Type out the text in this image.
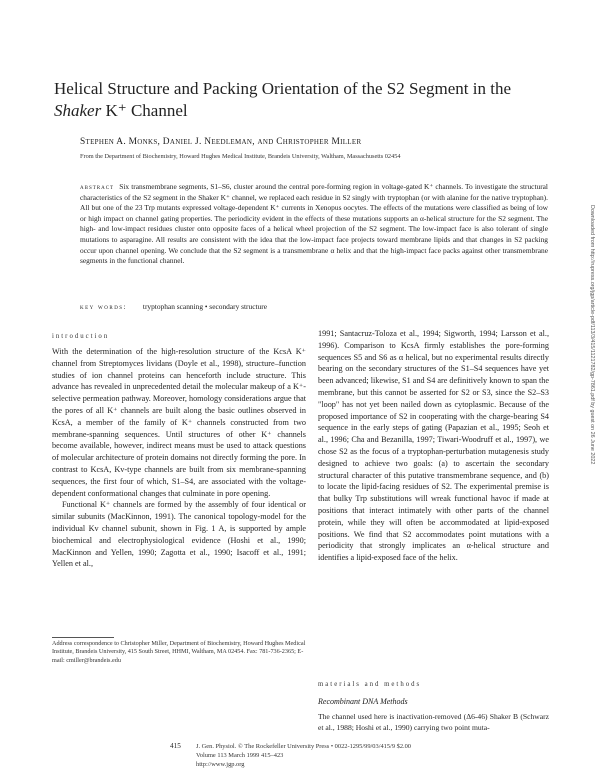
Helical Structure and Packing Orientation of the S2 Segment in the
Shaker K⁺ Channel
Stephen A. Monks, Daniel J. Needleman, and Christopher Miller
From the Department of Biochemistry, Howard Hughes Medical Institute, Brandeis University, Waltham, Massachusetts 02454
abstract Six transmembrane segments, S1–S6, cluster around the central pore-forming region in voltage-gated K⁺ channels. To investigate the structural characteristics of the S2 segment in the Shaker K⁺ channel, we replaced each residue in S2 singly with tryptophan (or with alanine for the native tryptophan). All but one of the 23 Trp mutants expressed voltage-dependent K⁺ currents in Xenopus oocytes. The effects of the mutations were classified as being of low or high impact on channel gating properties. The periodicity evident in the effects of these mutations supports an α-helical structure for the S2 segment. The high- and low-impact residues cluster onto opposite faces of a helical wheel projection of the S2 segment. The low-impact face is also tolerant of single mutations to asparagine. All results are consistent with the idea that the low-impact face projects toward membrane lipids and that changes in S2 packing occur upon channel opening. We conclude that the S2 segment is a transmembrane α helix and that the high-impact face packs against other transmembrane segments in the functional channel.
key words: tryptophan scanning • secondary structure	Downloaded from http://rupress.org/jgp/article-pdf/113/3/415/1121782/gp-7861.pdf by guest on 26 June 2022
introduction

With the determination of the high-resolution structure of the KcsA K⁺ channel from Streptomyces lividans (Doyle et al., 1998), structure–function studies of ion channel proteins can henceforth include structure. This advance has revealed in unprecedented detail the molecular makeup of a K⁺-selective permeation pathway. Moreover, homology considerations argue that the pores of all K⁺ channels are built along the basic outlines observed in KcsA, a member of the family of K⁺ channels constructed from two membrane-spanning sequences. Until structures of other K⁺ channels become available, however, indirect means must be used to attack questions of molecular architecture of protein domains not directly forming the pore. In contrast to KcsA, Kv-type channels are built from six membrane-spanning sequences, the first four of which, S1–S4, are associated with the voltage-dependent conformational changes that culminate in pore opening.

Functional K⁺ channels are formed by the assembly of four identical or similar subunits (MacKinnon, 1991). The canonical topology-model for the individual Kv channel subunit, shown in Fig. 1 A, is supported by ample biochemical and electrophysiological evidence (Hoshi et al., 1990; MacKinnon and Yellen, 1990; Zagotta et al., 1990; Isacoff et al., 1991; Yellen et al.,

1991; Santacruz-Toloza et al., 1994; Sigworth, 1994; Larsson et al., 1996). Comparison to KcsA firmly establishes the pore-forming sequences S5 and S6 as α helical, but no experimental results directly bearing on the secondary structures of the S1–S4 sequences have yet been advanced; likewise, S1 and S4 are definitively known to span the membrane, but this cannot be asserted for S2 or S3, since the S2–S3 "loop" has not yet been nailed down as cytoplasmic. Because of the proposed importance of S2 in cooperating with the charge-bearing S4 sequence in the early steps of gating (Papazian et al., 1995; Seoh et al., 1996; Cha and Bezanilla, 1997; Tiwari-Woodruff et al., 1997), we chose S2 as the focus of a tryptophan-perturbation mutagenesis study designed to achieve two goals: (a) to ascertain the secondary structural character of this putative transmembrane sequence, and (b) to locate the lipid-facing residues of S2. The experimental premise is that bulky Trp substitutions will wreak functional havoc if made at positions that interact intimately with other parts of the channel protein, while they will often be accommodated at lipid-exposed positions. We find that S2 accommodates point mutations with a periodicity that strongly implicates an α-helical structure and identifies a lipid-exposed face of the helix.

materials and methods
Recombinant DNA Methods
The channel used here is inactivation-removed (Δ6-46) Shaker B (Schwarz et al., 1988; Hoshi et al., 1990) carrying two point muta-
Address correspondence to Christopher Miller, Department of Biochemistry, Howard Hughes Medical Institute, Brandeis University, 415 South Street, HHMI, Waltham, MA 02454. Fax: 781-736-2365; E-mail: cmiller@brandeis.edu
415 J. Gen. Physiol. © The Rockefeller University Press • 0022-1295/99/03/415/9 $2.00
Volume 113 March 1999 415–423
http://www.jgp.org
